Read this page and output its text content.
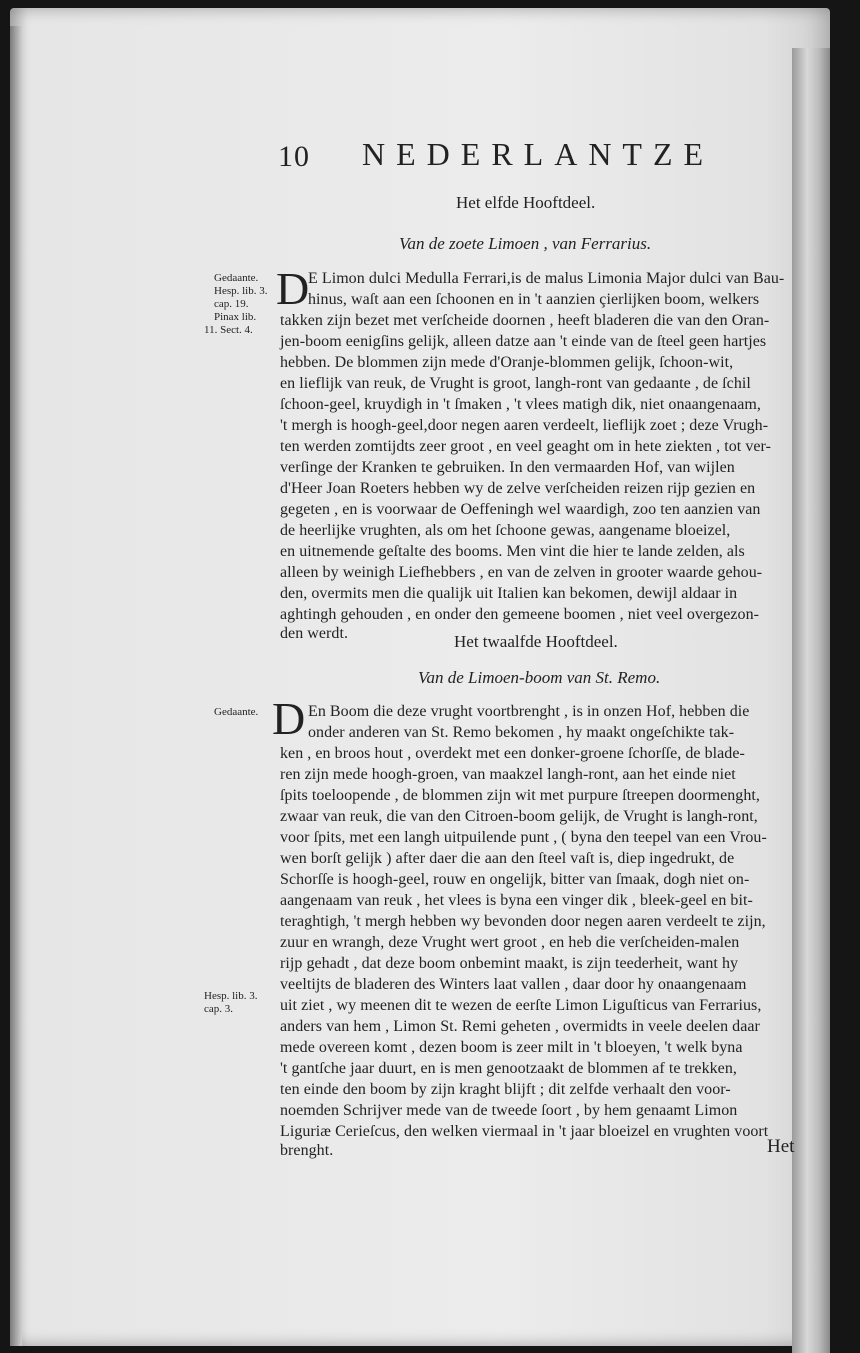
10 NEDERLANTZE
Het elfde Hooftdeel.
Van de zoete Limoen , van Ferrarius.
Gedaante.
Hesp. lib. 3.
cap. 19.
Pinax lib.
11. Sect. 4.
D
E Limon dulci Medulla Ferrari,is de malus Limonia Major dulci van Bau-
hinus, waſt aan een ſchoonen en in 't aanzien çierlijken boom, welkers
takken zijn bezet met verſcheide doornen , heeft bladeren die van den Oran-
jen-boom eenigſins gelijk, alleen datze aan 't einde van de ſteel geen hartjes
hebben. De blommen zijn mede d'Oranje-blommen gelijk, ſchoon-wit,
en lieflijk van reuk, de Vrught is groot, langh-ront van gedaante , de ſchil
ſchoon-geel, kruydigh in 't ſmaken , 't vlees matigh dik, niet onaangenaam,
't mergh is hoogh-geel,door negen aaren verdeelt, lieflijk zoet ; deze Vrugh-
ten werden zomtijdts zeer groot , en veel geaght om in hete ziekten , tot ver-
verſinge der Kranken te gebruiken. In den vermaarden Hof, van wijlen
d'Heer Joan Roeters hebben wy de zelve verſcheiden reizen rijp gezien en
gegeten , en is voorwaar de Oeffeningh wel waardigh, zoo ten aanzien van
de heerlijke vrughten, als om het ſchoone gewas, aangename bloeizel,
en uitnemende geſtalte des booms. Men vint die hier te lande zelden, als
alleen by weinigh Liefhebbers , en van de zelven in grooter waarde gehou-
den, overmits men die qualijk uit Italien kan bekomen, dewijl aldaar in
aghtingh gehouden , en onder den gemeene boomen , niet veel overgezon-
den werdt.	Het twaalfde Hooftdeel.
Van de Limoen-boom van St. Remo.
Gedaante.
Hesp. lib. 3.
cap. 3.
D En Boom die deze vrught voortbrenght , is in onzen Hof, hebben die
onder anderen van St. Remo bekomen , hy maakt ongeſchikte tak-
ken , en broos hout , overdekt met een donker-groene ſchorſſe, de blade-
ren zijn mede hoogh-groen, van maakzel langh-ront, aan het einde niet
ſpits toeloopende , de blommen zijn wit met purpure ſtreepen doormenght,
zwaar van reuk, die van den Citroen-boom gelijk, de Vrught is langh-ront,
voor ſpits, met een langh uitpuilende punt , ( byna den teepel van een Vrou-
wen borſt gelijk ) after daer die aan den ſteel vaſt is, diep ingedrukt, de
Schorſſe is hoogh-geel, rouw en ongelijk, bitter van ſmaak, dogh niet on-
aangenaam van reuk , het vlees is byna een vinger dik , bleek-geel en bit-
teraghtigh, 't mergh hebben wy bevonden door negen aaren verdeelt te zijn,
zuur en wrangh, deze Vrught wert groot , en heb die verſcheiden-malen
rijp gehadt , dat deze boom onbemint maakt, is zijn teederheit, want hy
veeltijts de bladeren des Winters laat vallen , daar door hy onaangenaam
uit ziet , wy meenen dit te wezen de eerſte Limon Liguſticus van Ferrarius,
anders van hem , Limon St. Remi geheten , overmidts in veele deelen daar
mede overeen komt , dezen boom is zeer milt in 't bloeyen, 't welk byna
't gantſche jaar duurt, en is men genootzaakt de blommen af te trekken,
ten einde den boom by zijn kraght blijft ; dit zelfde verhaalt den voor-
noemden Schrijver mede van de tweede ſoort , by hem genaamt Limon
Liguriæ Cerieſcus, den welken viermaal in 't jaar bloeizel en vrughten voort
brenght.	Het
